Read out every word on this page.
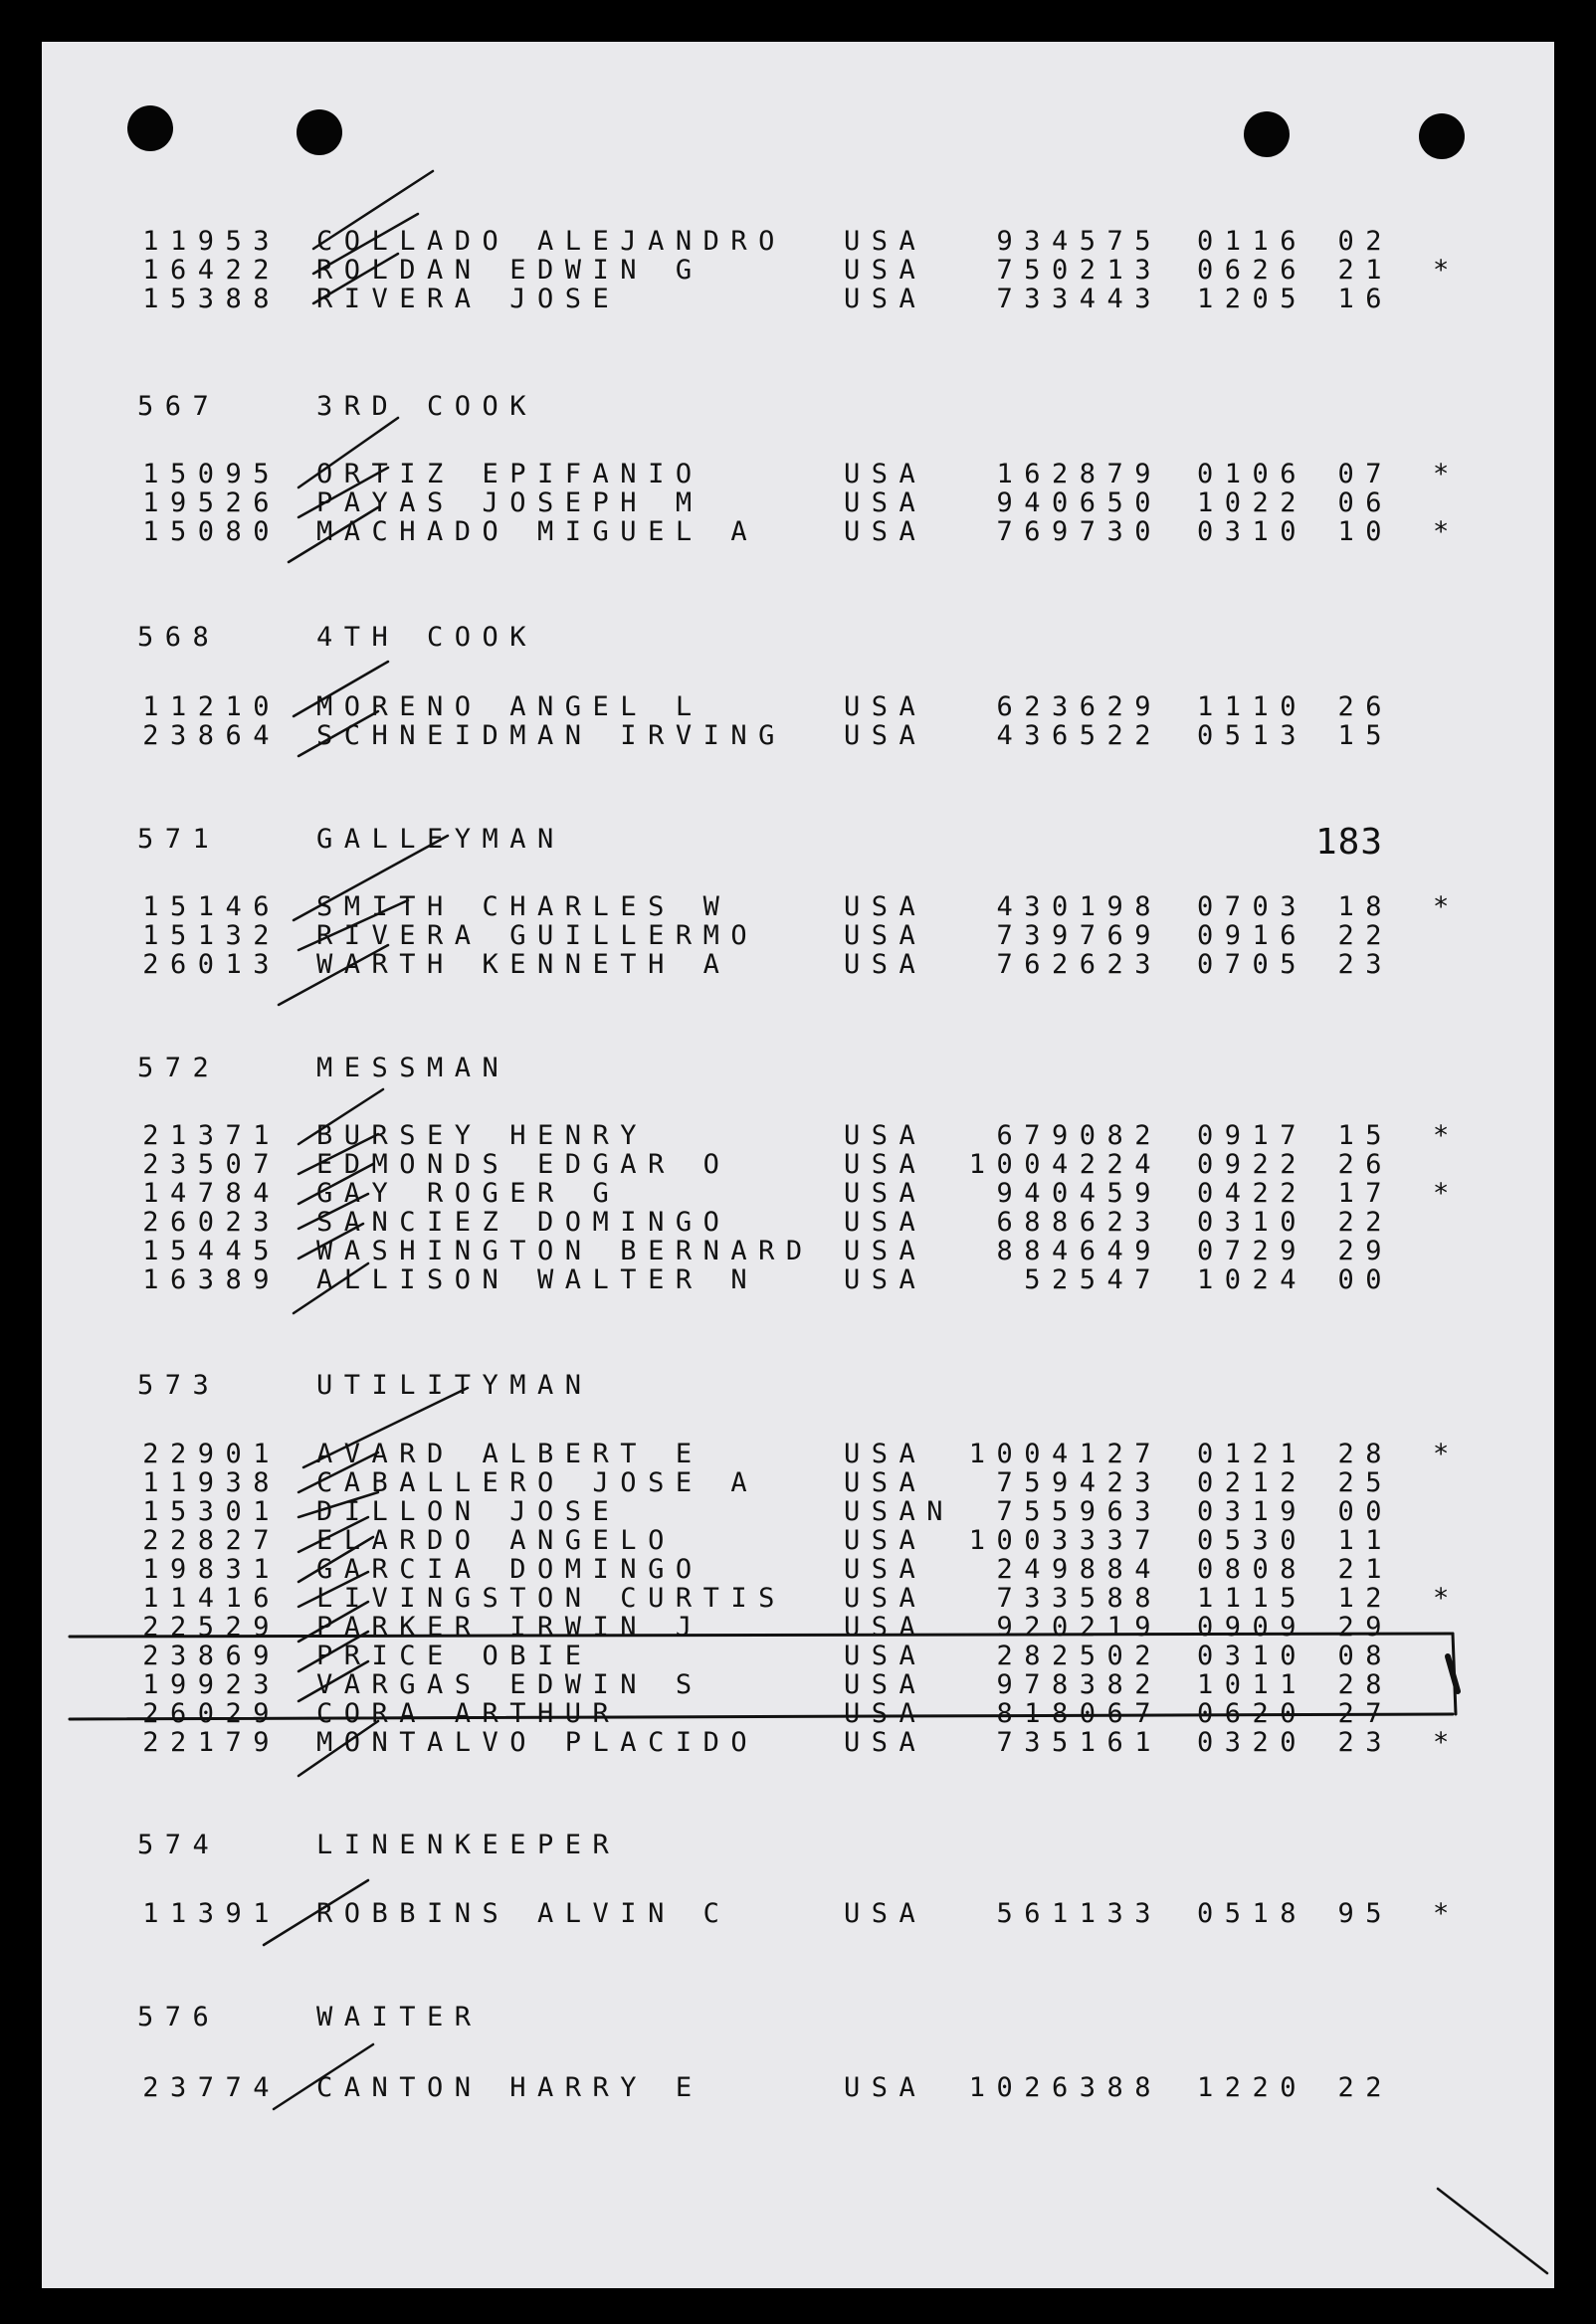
183
11953 COLLADO ALEJANDRO USA	934575 0116 02
16422 ROLDAN EDWIN G	USA	750213 0626 21 *
15388 RIVERA JOSE	USA	733443 1205 16
567	3RD COOK
15095 ORTIZ EPIFANIO	USA	162879 0106 07 *
19526 PAYAS JOSEPH M	USA	940650 1022 06
15080 MACHADO MIGUEL A	USA	769730 0310 10 *
568	4TH COOK
11210 MORENO ANGEL L	USA	623629 1110 26
23864 SCHNEIDMAN IRVING USA	436522 0513 15
571	GALLEYMAN
15146 SMITH CHARLES W	USA	430198 0703 18 *
15132 RIVERA GUILLERMO	USA	739769 0916 22
26013 WARTH KENNETH A	USA	762623 0705 23
572	MESSMAN
21371 BURSEY HENRY	USA	679082 0917 15 *
23507 EDMONDS EDGAR O	USA 1004224 0922 26
14784 GAY ROGER G	USA	940459 0422 17 *
26023 SANCIEZ DOMINGO	USA	688623 0310 22
15445 WASHINGTON BERNARD USA	884649 0729 29
16389 ALLISON WALTER N	USA	52547 1024 00
573	UTILITYMAN
22901 AVARD ALBERT E	USA 1004127 0121 28 *
11938 CABALLERO JOSE A	USA	759423 0212 25
15301 DILLON JOSE	USAN 755963 0319 00
22827 ELARDO ANGELO	USA 1003337 0530 11
19831 GARCIA DOMINGO	USA	249884 0808 21
11416 LIVINGSTON CURTIS USA	733588 1115 12 *
22529 PARKER IRWIN J	USA	920219 0909 29
23869 PRICE OBIE	USA	282502 0310 08
19923 VARGAS EDWIN S	USA	978382 1011 28
26029 CORA ARTHUR	USA	818067 0620 27
22179 MONTALVO PLACIDO	USA	735161 0320 23 *
574	LINENKEEPER
11391 ROBBINS ALVIN C	USA	561133 0518 95 *
576	WAITER
23774 CANTON HARRY E	USA 1026388 1220 22
